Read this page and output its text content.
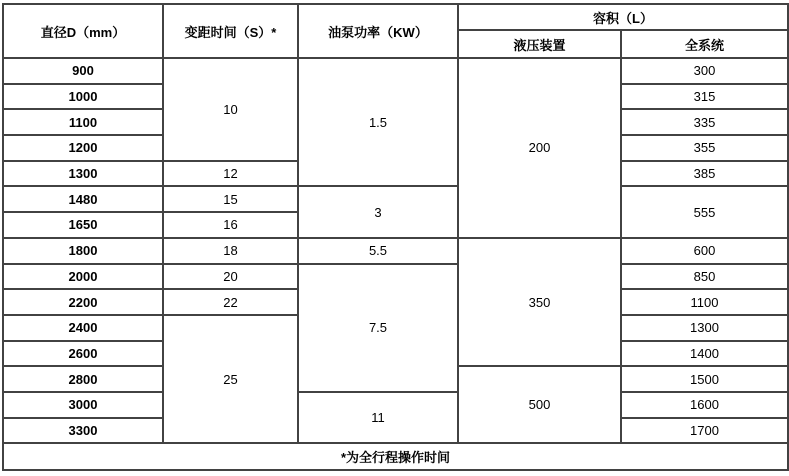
直径D（mm）	变距时间（S）*	油泵功率（KW）	容积（L）	
			液压装置	全系统
900	10	1.5	200	300
1000				315
1100				335
1200				355
1300	12			385
1480	15	3		555
1650	16			
1800	18	5.5	350	600
2000	20	7.5		850
2200	22			1100
2400	25			1300
2600				1400
2800			500	1500
3000		11		1600
3300				1700
*为全行程操作时间				
